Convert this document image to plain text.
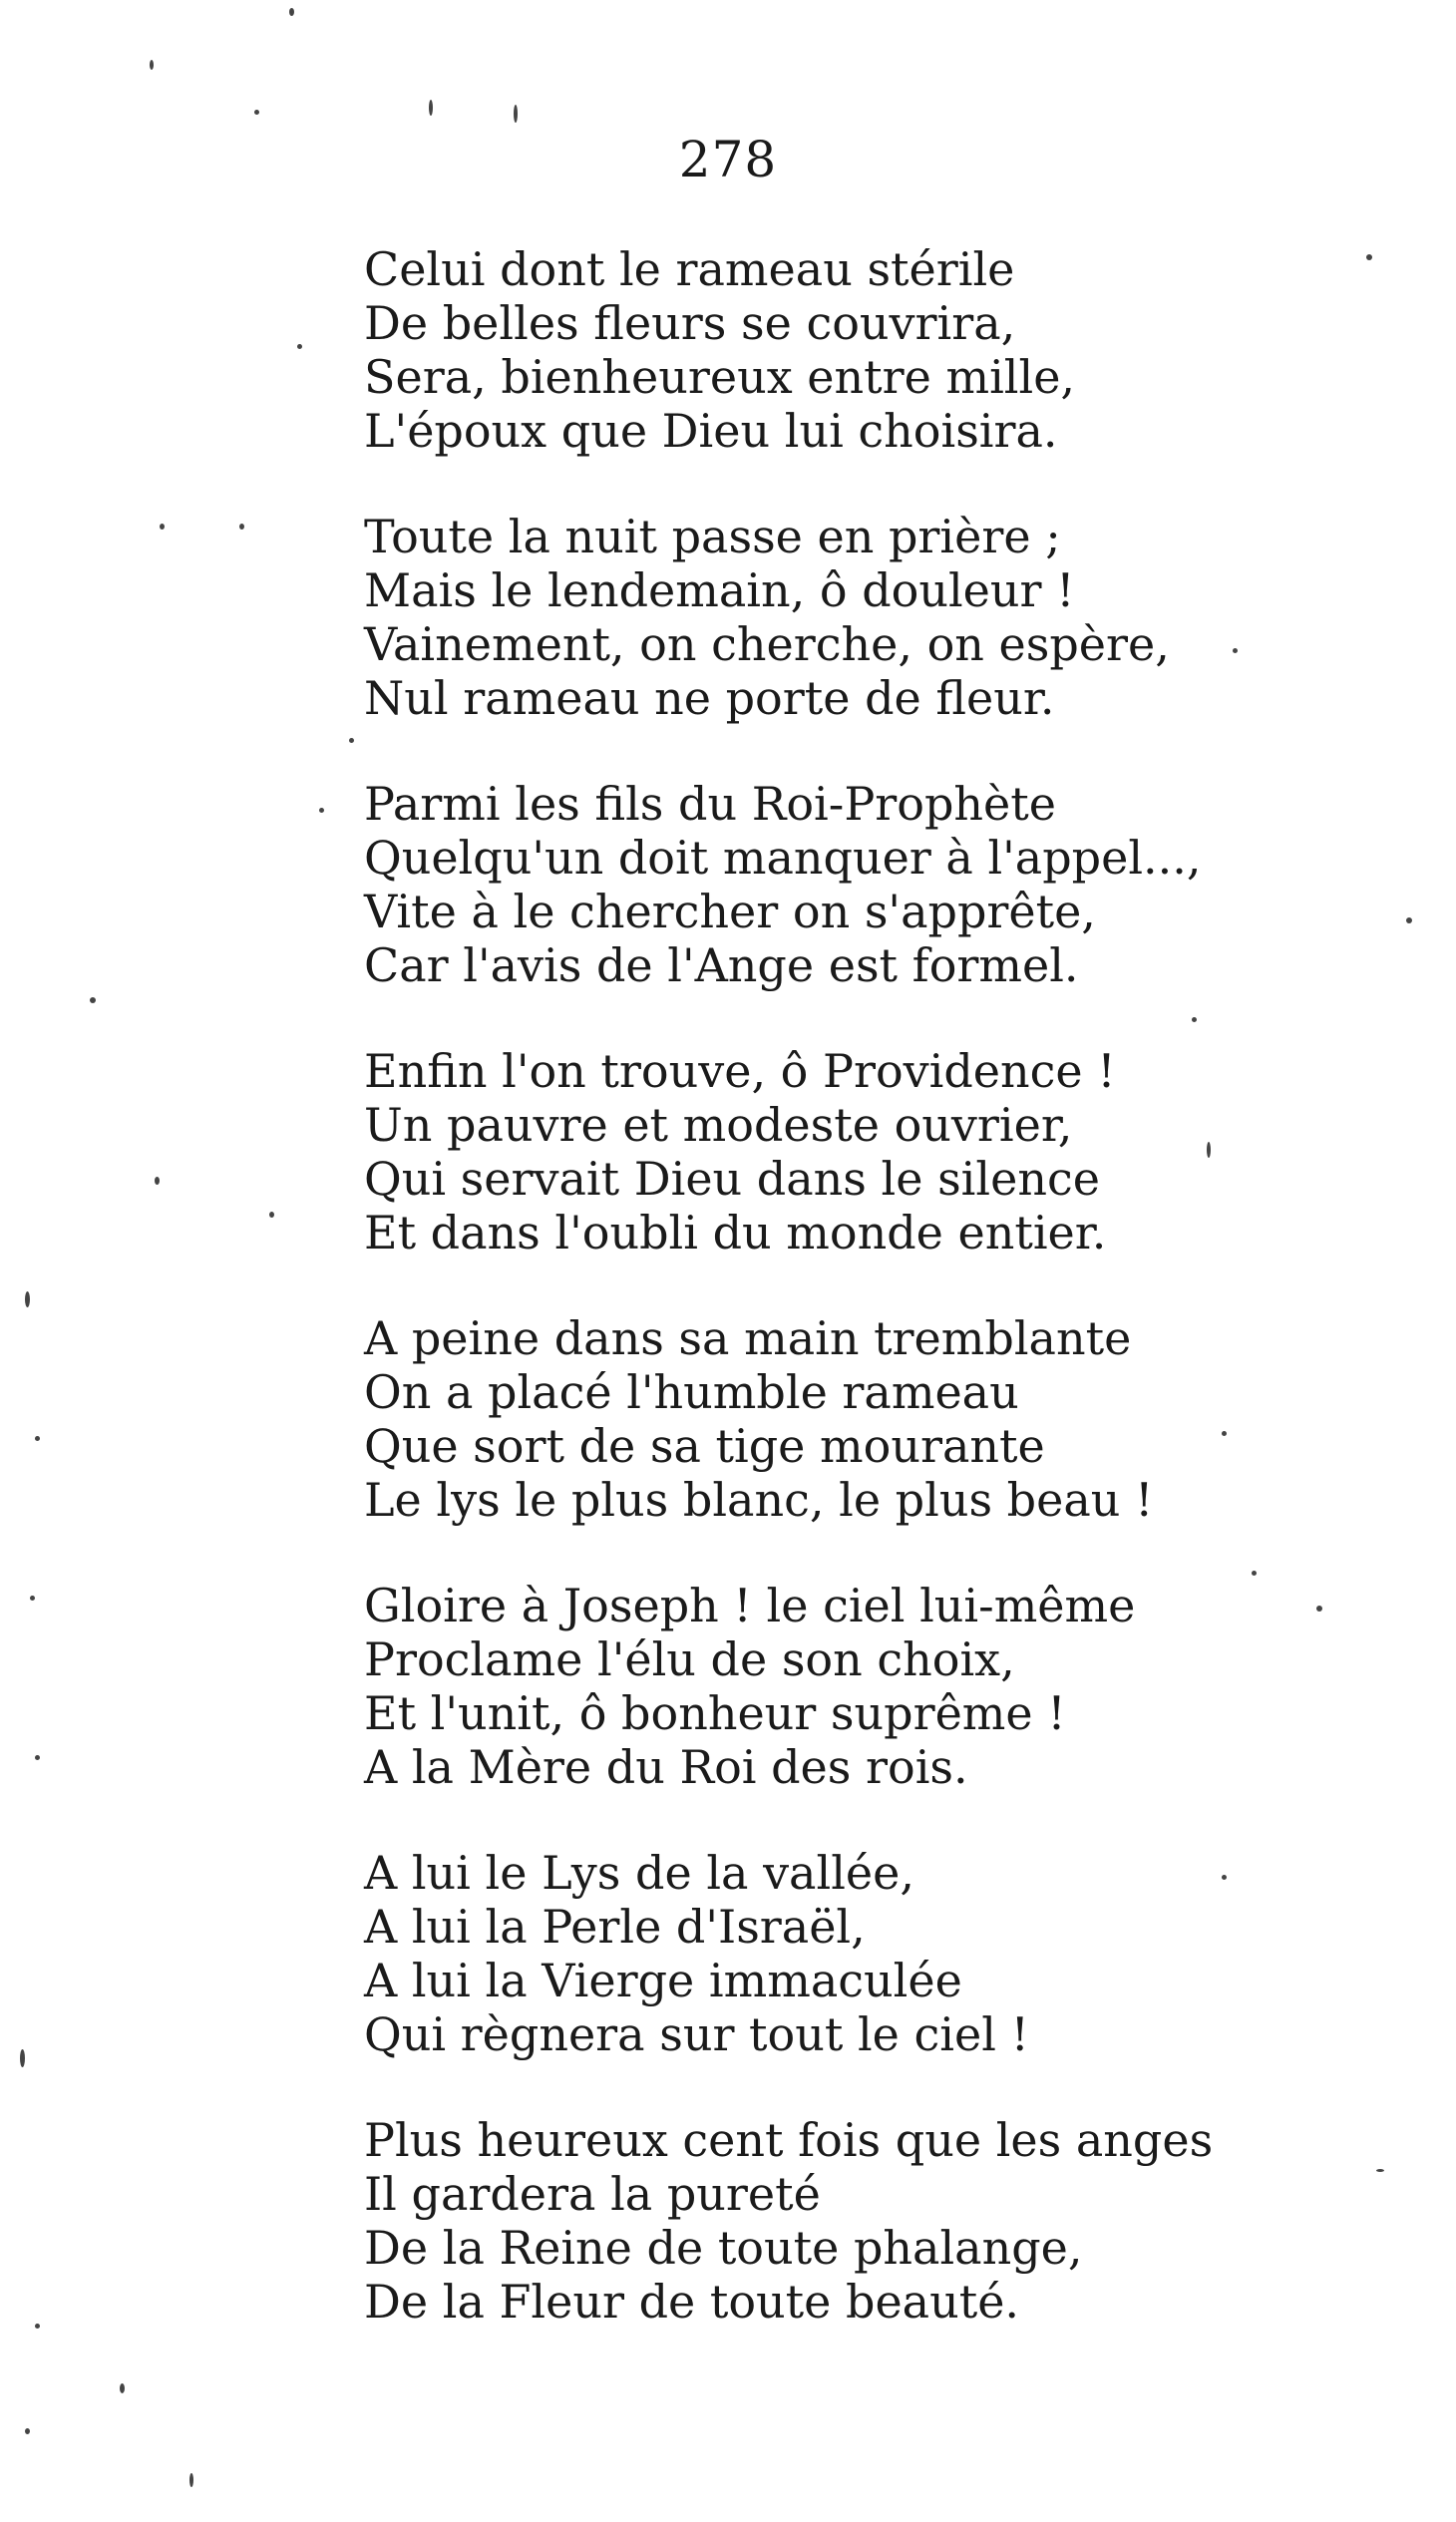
278
Celui dont le rameau stérile
De belles fleurs se couvrira,
Sera, bienheureux entre mille,
L'époux que Dieu lui choisira.
Toute la nuit passe en prière ;
Mais le lendemain, ô douleur !
Vainement, on cherche, on espère,
Nul rameau ne porte de fleur.
Parmi les fils du Roi-Prophète
Quelqu'un doit manquer à l'appel...,
Vite à le chercher on s'apprête,
Car l'avis de l'Ange est formel.
Enfin l'on trouve, ô Providence !
Un pauvre et modeste ouvrier,
Qui servait Dieu dans le silence
Et dans l'oubli du monde entier.
A peine dans sa main tremblante
On a placé l'humble rameau
Que sort de sa tige mourante
Le lys le plus blanc, le plus beau !
Gloire à Joseph ! le ciel lui-même
Proclame l'élu de son choix,
Et l'unit, ô bonheur suprême !
A la Mère du Roi des rois.
A lui le Lys de la vallée,
A lui la Perle d'Israël,
A lui la Vierge immaculée
Qui règnera sur tout le ciel !
Plus heureux cent fois que les anges
Il gardera la pureté
De la Reine de toute phalange,
De la Fleur de toute beauté.
